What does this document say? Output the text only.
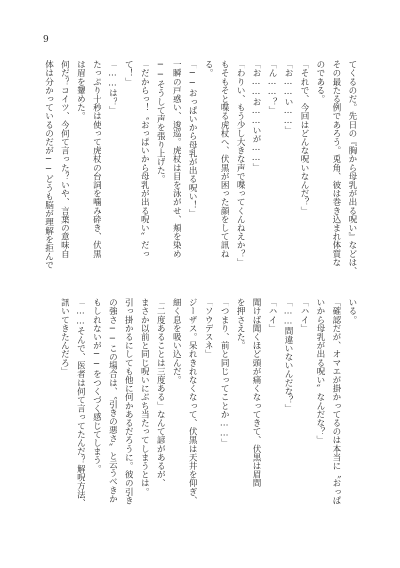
9
てくるのだ。先日の『胸から母乳が出る呪い』などは、
その最たる例であろう。兎角、彼は巻き込まれ体質な
のである。
「それで、今回はどんな呪いなんだ？」
「お……い……」
「ん……？」
「お……お……いが……」
「わりい、もう少し大きな声で喋ってくんねえか？」
もそもそと喋る虎杖へ、伏黒が困った顔をして訊ね
る。
「──おっぱいから母乳が出る呪い！」
一瞬の戸惑い、逡巡。虎杖は目を泳がせ、頬を染め
──そうして声を張り上げた。
「だからっ！〝おっぱいから母乳が出る呪い〟だっ
て！」
「……は？」
たっぷり十秒は使って虎杖の台詞を噛み砕き、伏黒
は眉を顰めた。
何だ？コイツ、今何て言った？いや、言葉の意味自
体は分かっているのだが──どうも脳が理解を拒んで
いる。
「確認だが、オマエが掛かってるのは本当に〝おっぱ
いから母乳が出る呪い〟なんだな？」
「ハイ」
「……間違いないんだな？」
「ハイ」
聞けば聞くほど頭が痛くなってきて、伏黒は眉間
を押さえた。
「つまり、前と同じってことか……」
「ソウデスネ」
ジーザス。呆れきれなくなって、伏黒は天井を仰ぎ、
細く息を吸い込んだ。
「二度あることは三度ある」なんて諺があるが、
まさか以前と同じ呪いにぶち当たってしまうとは。
引っ掛かるにしても他に何かあるだろうに。彼の引き
の強さ──この場合は、〝引きの悪さ〟と云うべきか
もしれないが──をつくづく感じてしまう。
「……そんで、医者は何て言ってたんだ？解呪方法、
訊いてきたんだろ」
